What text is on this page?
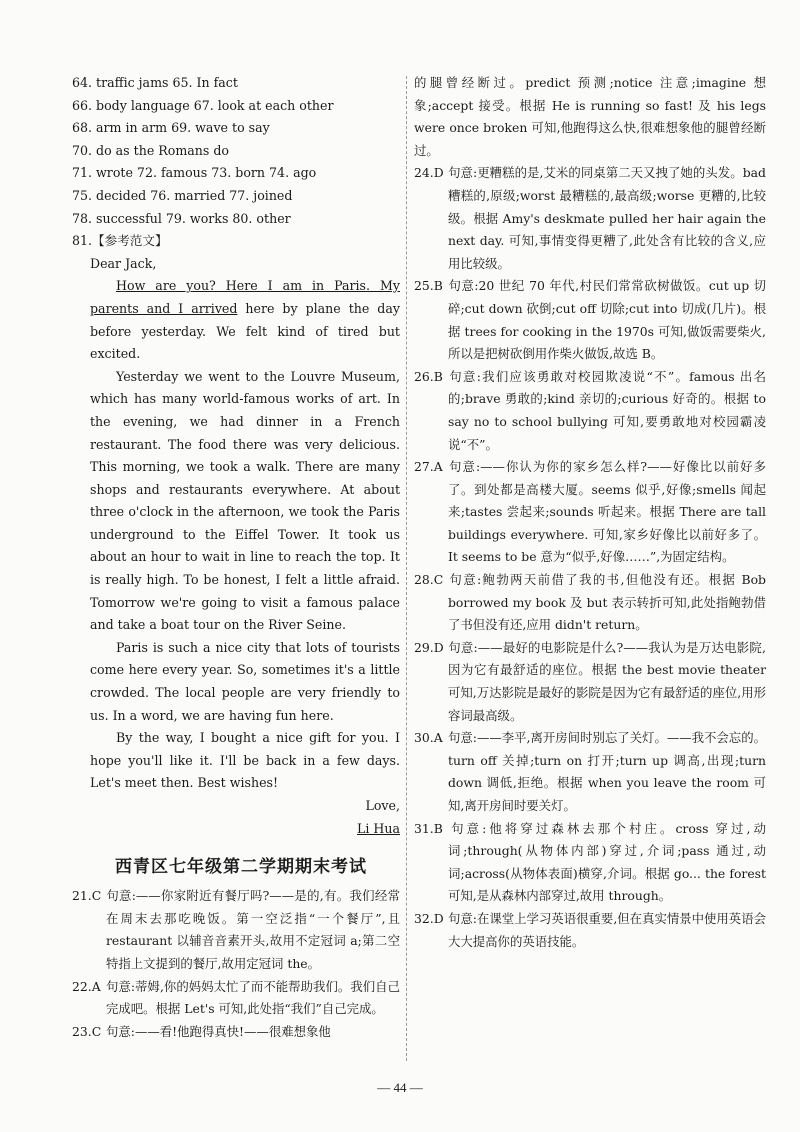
64. traffic jams 65. In fact
66. body language 67. look at each other
68. arm in arm 69. wave to say
70. do as the Romans do
71. wrote 72. famous 73. born 74. ago
75. decided 76. married 77. joined
78. successful 79. works 80. other
81.【参考范文】
Dear Jack,
How are you? Here I am in Paris. My parents and I arrived here by plane the day before yesterday. We felt kind of tired but excited.
Yesterday we went to the Louvre Museum, which has many world-famous works of art. In the evening, we had dinner in a French restaurant. The food there was very delicious. This morning, we took a walk. There are many shops and restaurants everywhere. At about three o'clock in the afternoon, we took the Paris underground to the Eiffel Tower. It took us about an hour to wait in line to reach the top. It is really high. To be honest, I felt a little afraid. Tomorrow we're going to visit a famous palace and take a boat tour on the River Seine.
Paris is such a nice city that lots of tourists come here every year. So, sometimes it's a little crowded. The local people are very friendly to us. In a word, we are having fun here.
By the way, I bought a nice gift for you. I hope you'll like it. I'll be back in a few days. Let's meet then. Best wishes!
Love,
Li Hua
西青区七年级第二学期期末考试
21.C 句意:——你家附近有餐厅吗?——是的,有。我们经常在周末去那吃晚饭。第一空泛指“一个餐厅”,且 restaurant 以辅音音素开头,故用不定冠词 a;第二空特指上文提到的餐厅,故用定冠词 the。
22.A 句意:蒂姆,你的妈妈太忙了而不能帮助我们。我们自己完成吧。根据 Let's 可知,此处指“我们”自己完成。
23.C 句意:——看!他跑得真快!——很难想象他
的腿曾经断过。predict 预测;notice 注意;imagine 想象;accept 接受。根据 He is running so fast! 及 his legs were once broken 可知,他跑得这么快,很难想象他的腿曾经断过。
24.D 句意:更糟糕的是,艾米的同桌第二天又拽了她的头发。bad 糟糕的,原级;worst 最糟糕的,最高级;worse 更糟的,比较级。根据 Amy's deskmate pulled her hair again the next day. 可知,事情变得更糟了,此处含有比较的含义,应用比较级。
25.B 句意:20 世纪 70 年代,村民们常常砍树做饭。cut up 切碎;cut down 砍倒;cut off 切除;cut into 切成(几片)。根据 trees for cooking in the 1970s 可知,做饭需要柴火,所以是把树砍倒用作柴火做饭,故选 B。
26.B 句意:我们应该勇敢对校园欺凌说“不”。famous 出名的;brave 勇敢的;kind 亲切的;curious 好奇的。根据 to say no to school bullying 可知,要勇敢地对校园霸凌说“不”。
27.A 句意:——你认为你的家乡怎么样?——好像比以前好多了。到处都是高楼大厦。seems 似乎,好像;smells 闻起来;tastes 尝起来;sounds 听起来。根据 There are tall buildings everywhere. 可知,家乡好像比以前好多了。It seems to be 意为“似乎,好像……”,为固定结构。
28.C 句意:鲍勃两天前借了我的书,但他没有还。根据 Bob borrowed my book 及 but 表示转折可知,此处指鲍勃借了书但没有还,应用 didn't return。
29.D 句意:——最好的电影院是什么?——我认为是万达电影院,因为它有最舒适的座位。根据 the best movie theater 可知,万达影院是最好的影院是因为它有最舒适的座位,用形容词最高级。
30.A 句意:——李平,离开房间时别忘了关灯。——我不会忘的。turn off 关掉;turn on 打开;turn up 调高,出现;turn down 调低,拒绝。根据 when you leave the room 可知,离开房间时要关灯。
31.B 句意:他将穿过森林去那个村庄。cross 穿过,动词;through(从物体内部)穿过,介词;pass 通过,动词;across(从物体表面)横穿,介词。根据 go... the forest 可知,是从森林内部穿过,故用 through。
32.D 句意:在课堂上学习英语很重要,但在真实情景中使用英语会大大提高你的英语技能。
— 44 —
